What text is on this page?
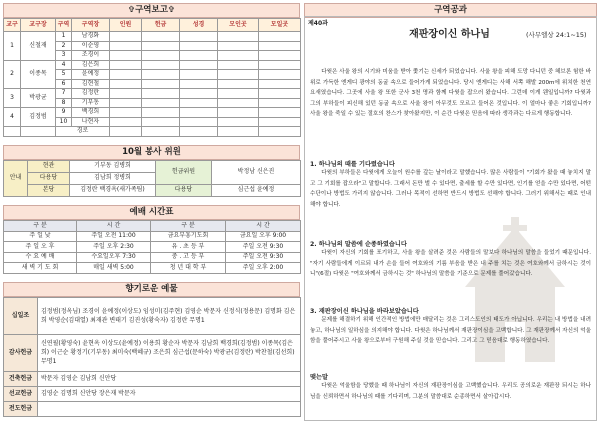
✞구역보고✞
교구	교구장	구역	구역장	인원	헌금	성경	모인곳	모일곳
1	신철재	1	남경화					
		2	이순영					
		3	조경이					
2	이종목	4	김은희					
		5	윤예정					
		6	김현철					
3	박광균	7	김정란					
		8	기부동					
4	김정범	9	백경희					
		10	나현자					
		경로						
10월 봉사 위원
안내	현관	기부동 김병희	헌금위원	박정남 신은진
	다용당	김남희 정병희		
	본당	김정란 백경옥(새가족팀)	다용당	심근섭 윤예정
예배 시간표
구 분	시 간	구 분	시 간
주 일 낮	주일 오전 11:00	금요부흥기도회	금요일 오후 9:00
주 일 오 후	주일 오후 2:30	유 . 초 등 부	주일 오전 9:30
수 요 예 배	수요일오후 7:30	중 . 고 등 부	주일 오전 9:30
새 벽 기 도 회	매일 새벽 5:00	청 년 대 학 부	주일 오후 2:00
향기로운 예물
십일조	김정범(정옥님) 조경이 윤예정(이상도) 임성미(김주현) 김영순 박문자 신정식(정용문) 김명화 김은희 박영순(김대열) 최재관 변태기 김진성(황숙자) 김정란 무명1
감사헌금	신연필(황영숙) 윤현옥 이상도(윤예정) 이용희 황순자 박문자 김남희 백경희(김정범) 이종목(김은희) 이근순 황정기(기부동) 최미숙(백혜규) 조은희 심근섭(문하숙) 박광균(김정란) 박찬철(김선희) 무명1
건축헌금	박문자 김영순 김남희 신안당
선교헌금	김영순 김명희 신안당 장은재 박문자
전도헌금	
구역공과
제40과
재판장이신 하나님	(사무엘상 24:1~15)
다윗은 사울 왕의 시기와 미움을 받아 쫓기는 신세가 되었습니다. 사울 왕을 피해 도망 다니던 중 헤브론 험한 바위로 가득한 엔게디 광야의 동굴 속으로 들어가게 되었습니다. 당시 엔게디는 사해 서쪽 해발 200m에 위치한 천연요새였습니다. 그곳에 사울 왕 또한 군사 3천 명과 함께 다윗을 잡으러 왔습니다. 그런데 이게 웬일입니까? 다윗과 그의 부하들이 피신해 있던 동굴 속으로 사울 왕이 아무것도 모르고 들어온 것입니다. 이 얼마나 좋은 기회입니까? 사울 왕을 죽일 수 있는 절호의 찬스가 찾아왔지만, 이 순간 다윗은 믿음에 따라 생각과는 다르게 행동합니다.
1. 하나님의 때를 기다렸습니다
다윗의 부하들은 다윗에게 오늘이 원수를 갚는 날이라고 말했습니다. 많은 사람들이 "기회가 왔을 때 놓치지 말고 그 기회를 잡으라"고 말합니다. 그래서 돈만 벌 수 있다면, 출세를 할 수만 있다면, 인기를 얻을 수만 있다면, 어떤 수단이나 방법도 가리지 않습니다. 그러나 목적이 선하면 반드시 방법도 선해야 합니다. 그러기 위해서는 때로 인내해야 합니다.
2. 하나님의 말씀에 순종하였습니다
다윗이 자신의 기회를 포기하고, 사울 왕을 살려준 것은 사람들의 말보다 하나님의 말씀을 들었기 때문입니다. "자기 사람들에게 이르되 내가 손을 들어 여호와의 기름 부음을 받은 내 주를 치는 것은 여호와께서 금하시는 것이니"(6절) 다윗은 "여호와께서 금하시는 것" 하나님의 말씀을 기준으로 문제를 풀어갔습니다.
3. 재판장이신 하나님을 바라보았습니다
문제를 해결하기 위해 인간적인 방법에만 매달리는 것은 그리스도인의 태도가 아닙니다. 우리는 내 방법을 내려놓고, 하나님의 일하심을 의지해야 합니다. 다윗은 하나님께서 재판장이심을 고백합니다. 그 재판장께서 자신의 억울함을 풀어주시고 사울 왕으로부터 구원해 주실 것을 믿습니다. 그리고 그 믿음대로 행동하였습니다.
맺는말
다윗은 억울함을 당했을 때 하나님이 자신의 재판장이심을 고백했습니다. 우리도 공의로운 재판장 되시는 하나님을 신뢰하면서 하나님의 때를 기다리며, 그분의 말씀대로 순종하면서 살아갑시다.
